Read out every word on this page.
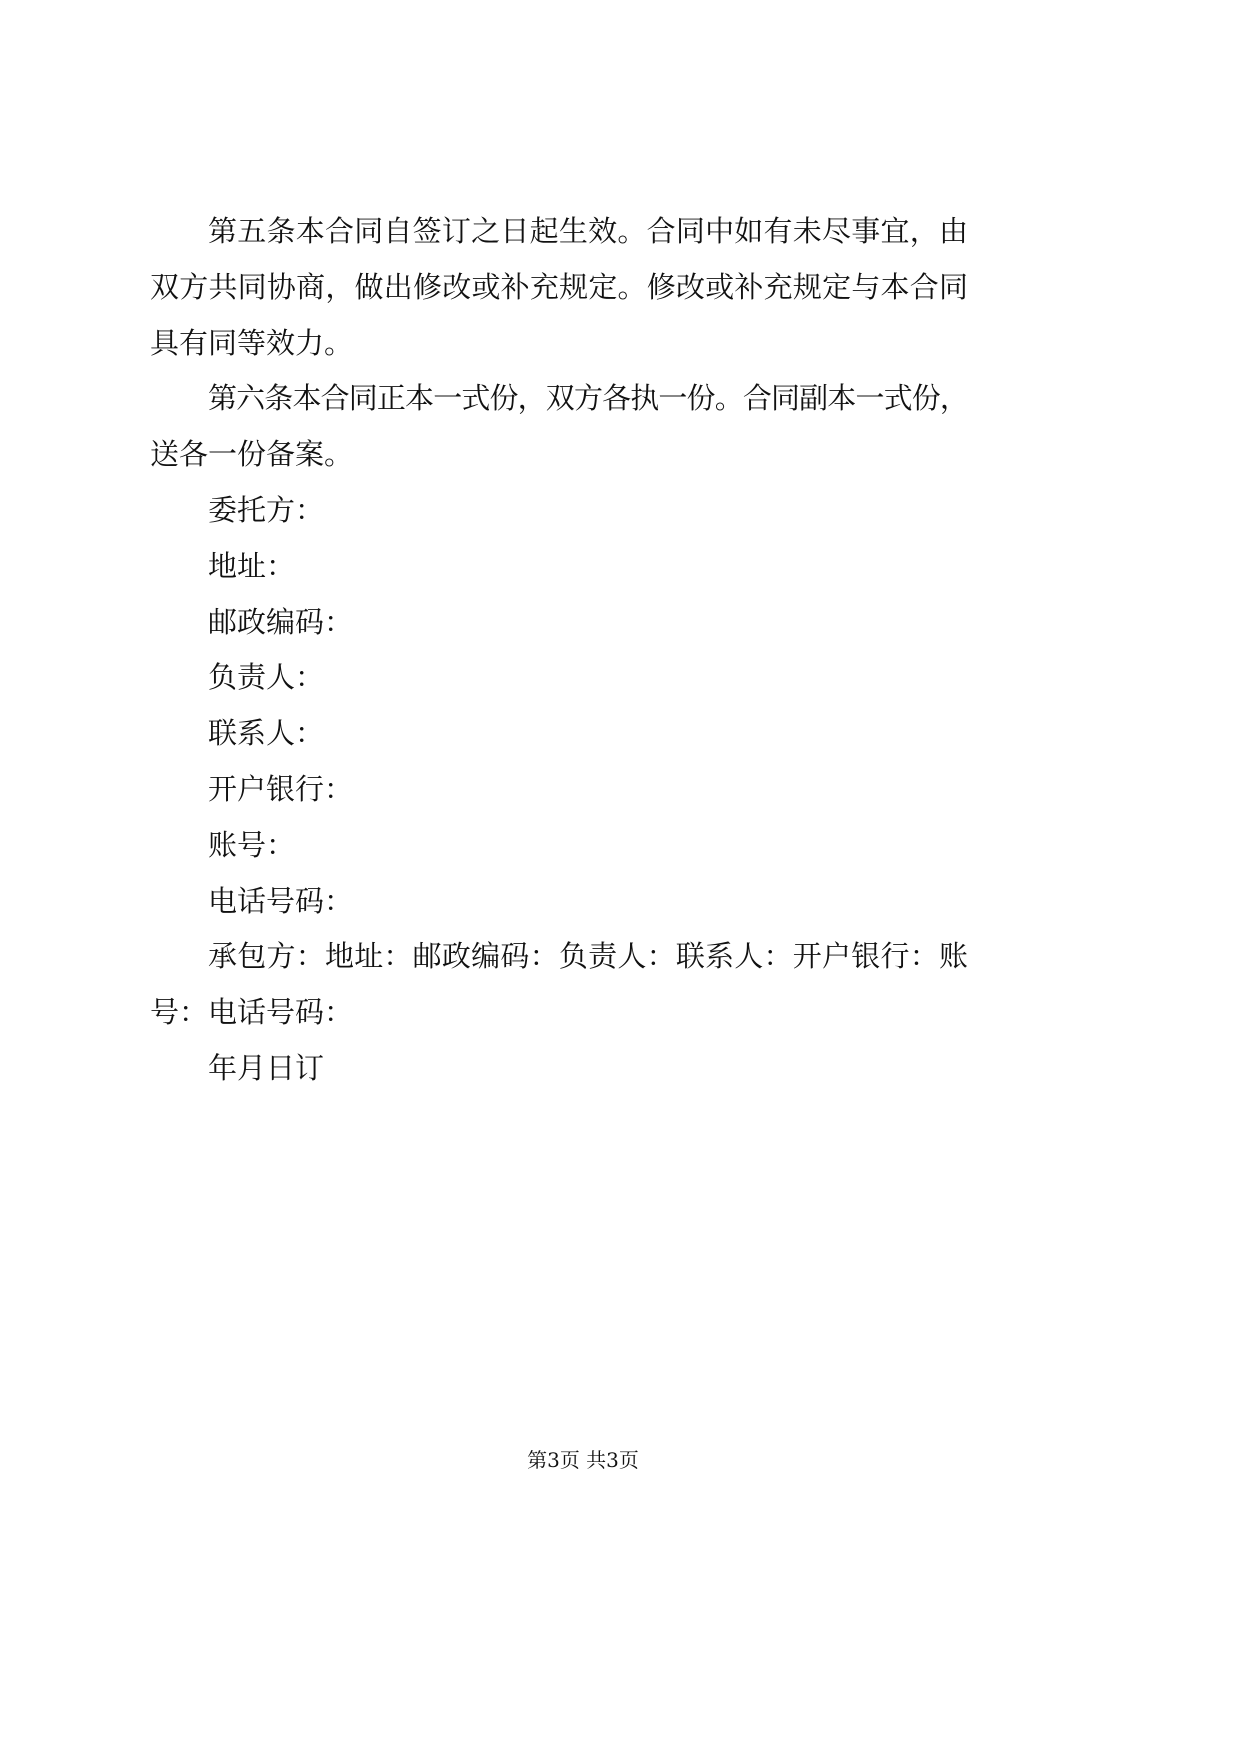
第五条本合同自签订之日起生效。合同中如有未尽事宜，由
双方共同协商，做出修改或补充规定。修改或补充规定与本合同
具有同等效力。
第六条本合同正本一式份，双方各执一份。合同副本一式份，
送各一份备案。
委托方：
地址：
邮政编码：
负责人：
联系人：
开户银行：
账号：
电话号码：
承包方：地址：邮政编码：负责人：联系人：开户银行：账
号：电话号码：
年月日订
第3页 共3页
